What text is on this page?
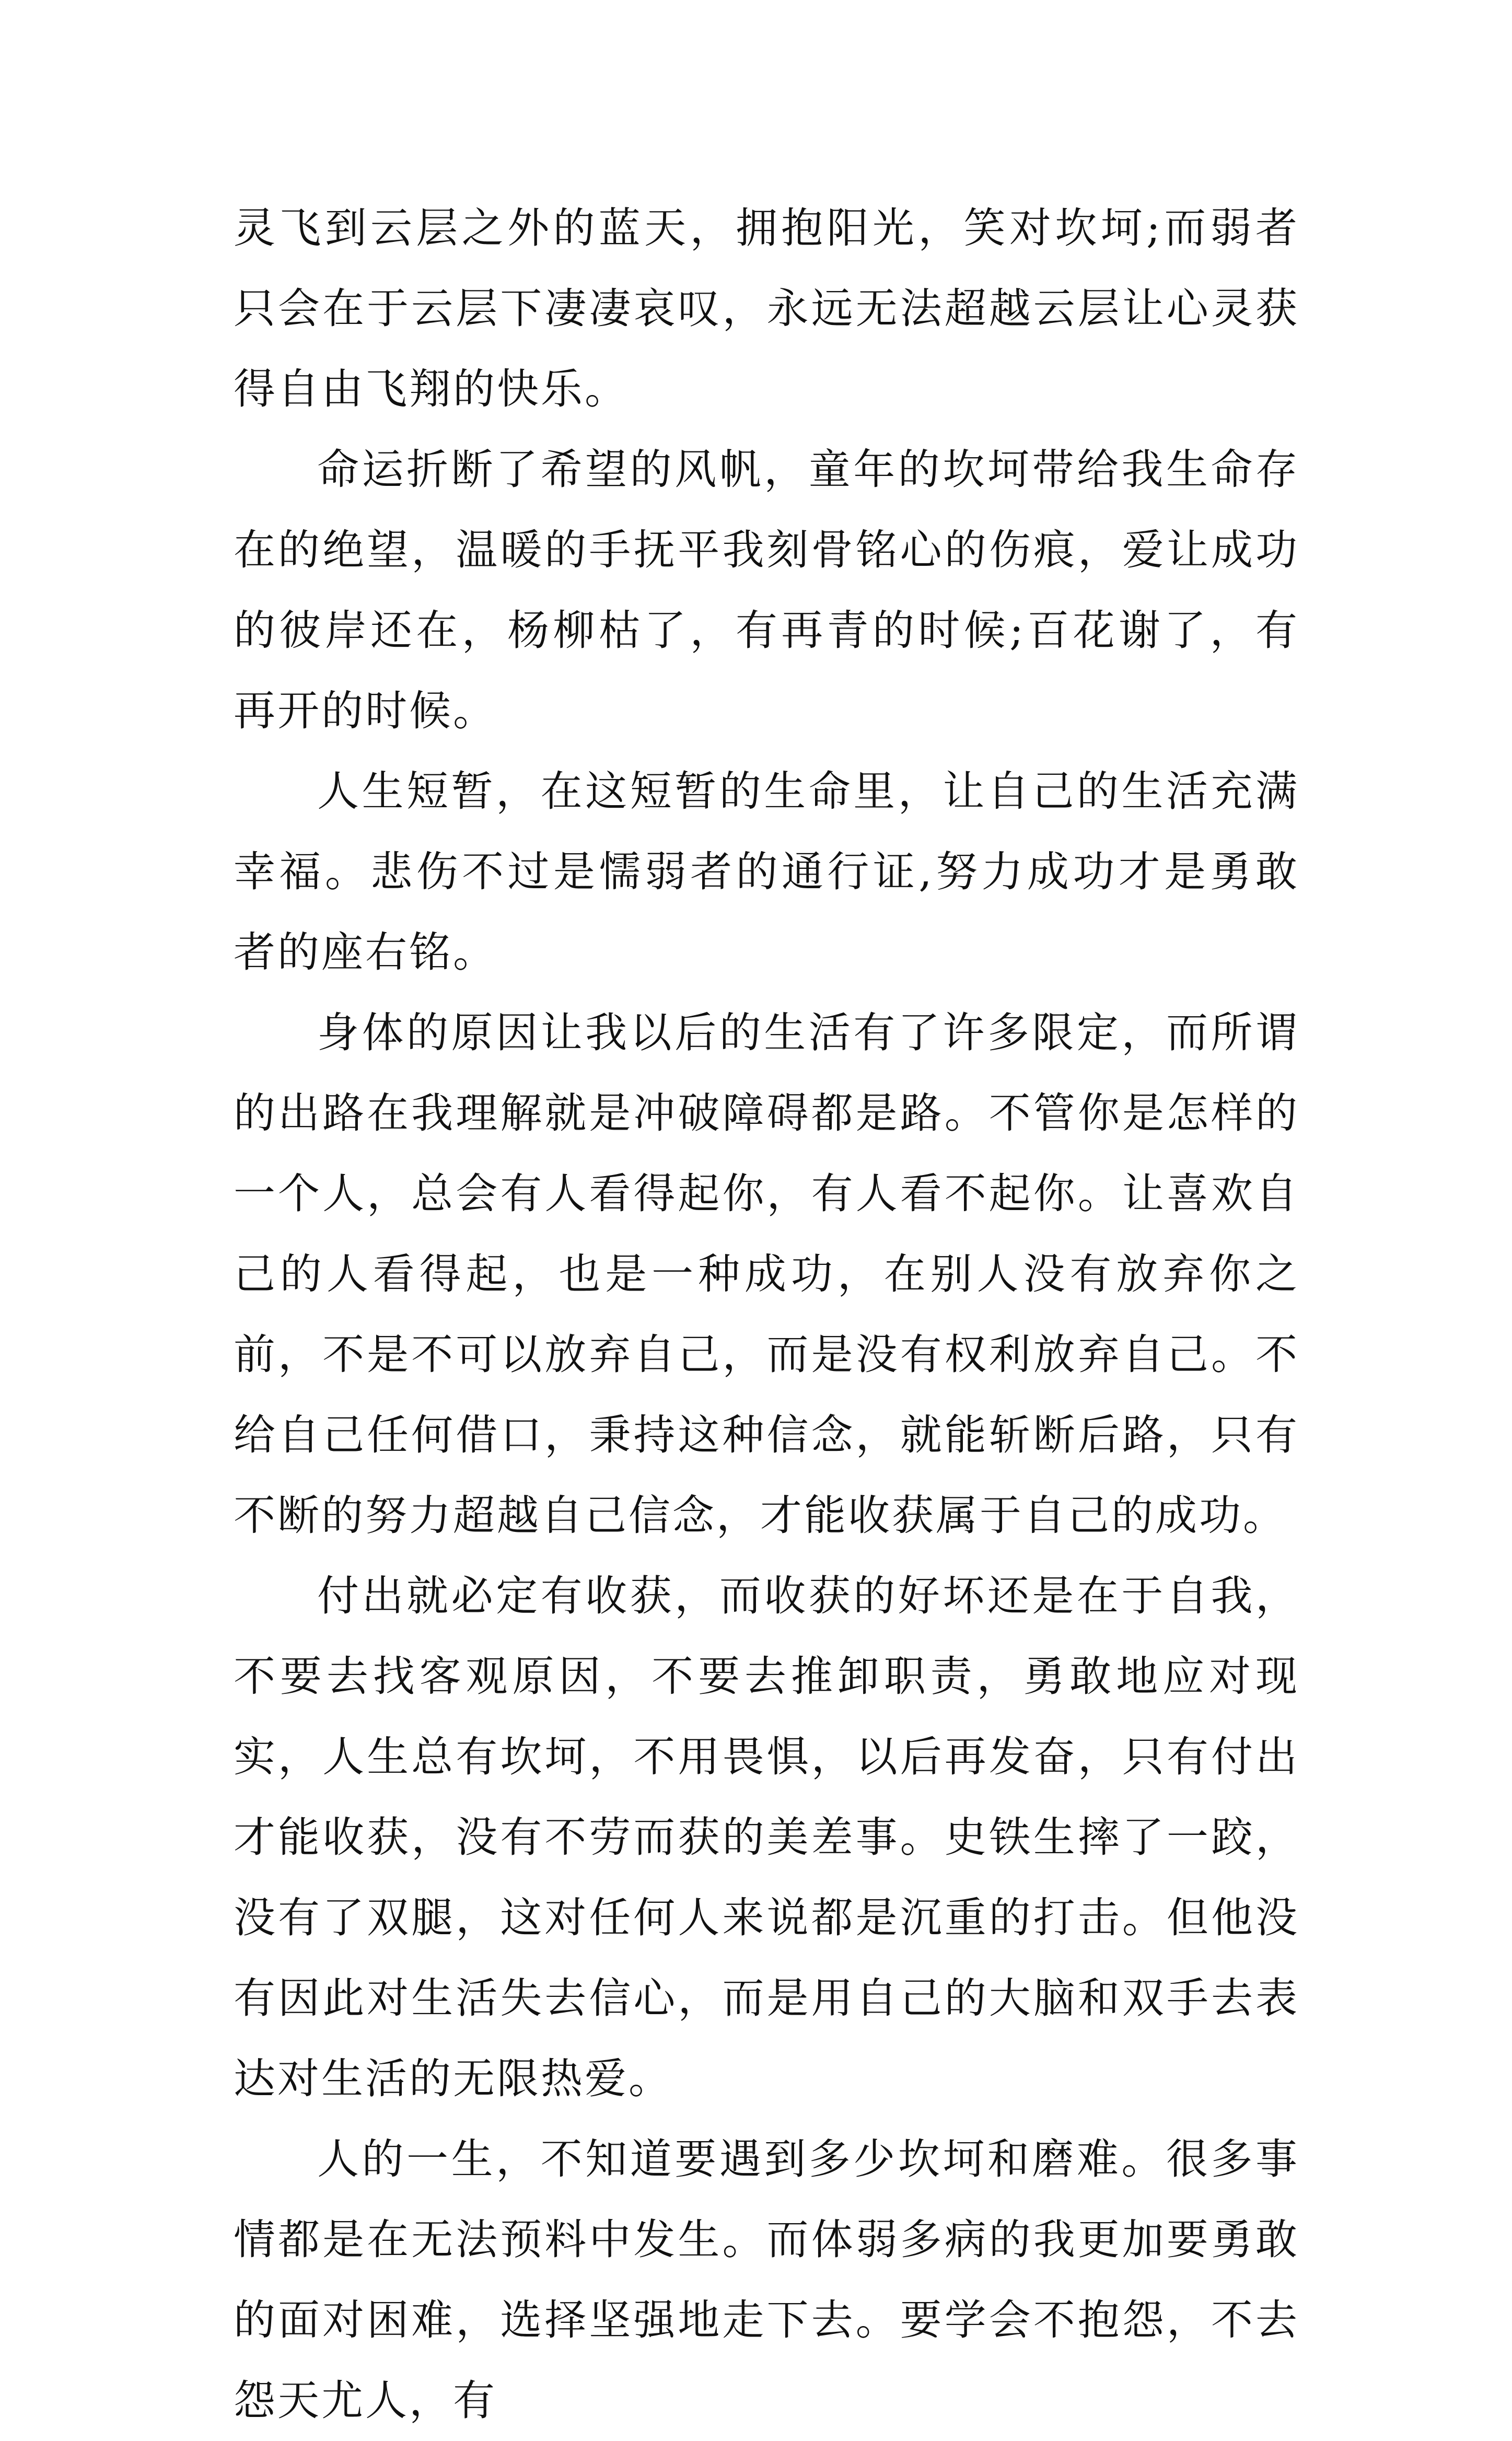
灵飞到云层之外的蓝天，拥抱阳光，笑对坎坷;而弱者只会在于云层下凄凄哀叹，永远无法超越云层让心灵获得自由飞翔的快乐。

命运折断了希望的风帆，童年的坎坷带给我生命存在的绝望，温暖的手抚平我刻骨铭心的伤痕，爱让成功的彼岸还在，杨柳枯了，有再青的时候;百花谢了，有再开的时候。

人生短暂，在这短暂的生命里，让自己的生活充满幸福。悲伤不过是懦弱者的通行证,努力成功才是勇敢者的座右铭。

身体的原因让我以后的生活有了许多限定，而所谓的出路在我理解就是冲破障碍都是路。不管你是怎样的一个人，总会有人看得起你，有人看不起你。让喜欢自己的人看得起，也是一种成功，在别人没有放弃你之前，不是不可以放弃自己，而是没有权利放弃自己。不给自己任何借口，秉持这种信念，就能斩断后路，只有不断的努力超越自己信念，才能收获属于自己的成功。

付出就必定有收获，而收获的好坏还是在于自我，不要去找客观原因，不要去推卸职责，勇敢地应对现实，人生总有坎坷，不用畏惧，以后再发奋，只有付出才能收获，没有不劳而获的美差事。史铁生摔了一跤，没有了双腿，这对任何人来说都是沉重的打击。但他没有因此对生活失去信心，而是用自己的大脑和双手去表达对生活的无限热爱。

人的一生，不知道要遇到多少坎坷和磨难。很多事情都是在无法预料中发生。而体弱多病的我更加要勇敢的面对困难，选择坚强地走下去。要学会不抱怨，不去怨天尤人，有
